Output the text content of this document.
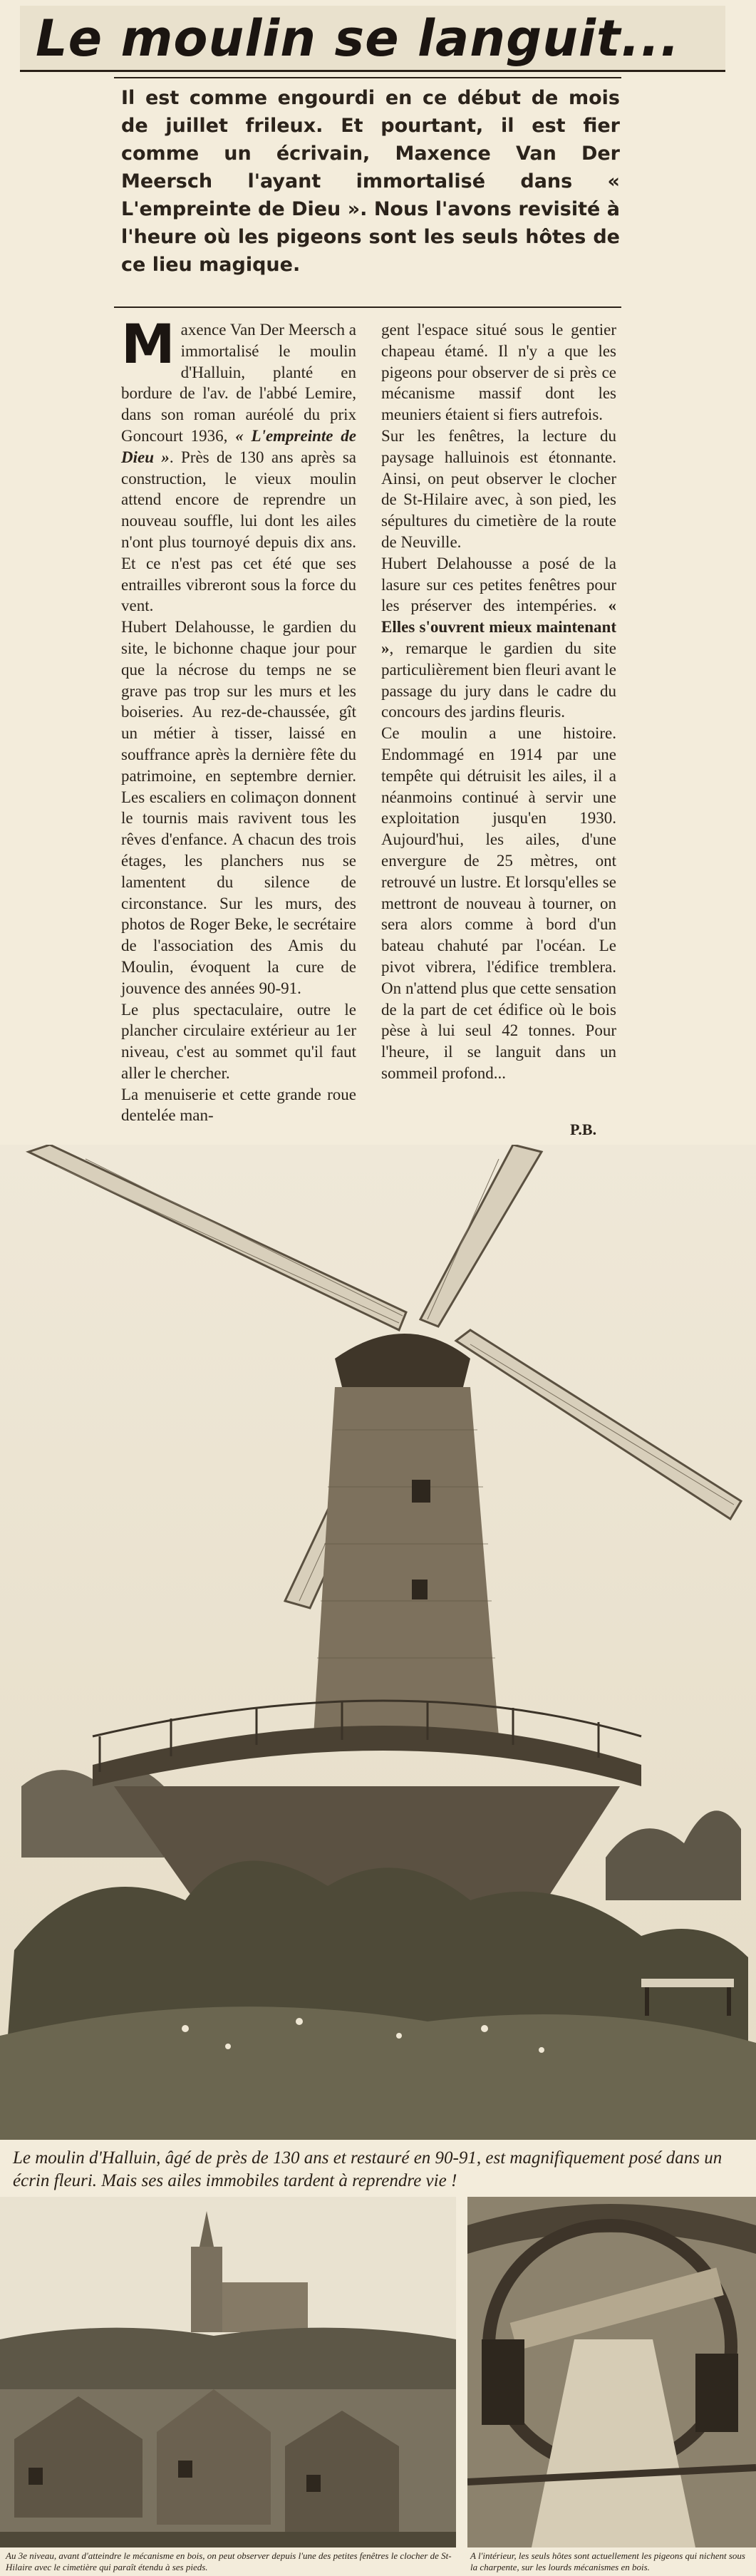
Le moulin se languit...
Il est comme engourdi en ce début de mois de juillet frileux. Et pourtant, il est fier comme un écrivain, Maxence Van Der Meersch l'ayant immortalisé dans « L'empreinte de Dieu ». Nous l'avons revisité à l'heure où les pigeons sont les seuls hôtes de ce lieu magique.

Maxence Van Der Meersch a immortalisé le moulin d'Halluin, planté en bordure de l'av. de l'abbé Lemire, dans son roman auréolé du prix Goncourt 1936, « L'empreinte de Dieu ». Près de 130 ans après sa construction, le vieux moulin attend encore de reprendre un nouveau souffle, lui dont les ailes n'ont plus tournoyé depuis dix ans. Et ce n'est pas cet été que ses entrailles vibreront sous la force du vent.

Hubert Delahousse, le gardien du site, le bichonne chaque jour pour que la nécrose du temps ne se grave pas trop sur les murs et les boiseries. Au rez-de-chaussée, gît un métier à tisser, laissé en souffrance après la dernière fête du patrimoine, en septembre dernier. Les escaliers en colimaçon donnent le tournis mais ravivent tous les rêves d'enfance. A chacun des trois étages, les planchers nus se lamentent du silence de circonstance. Sur les murs, des photos de Roger Beke, le secrétaire de l'association des Amis du Moulin, évoquent la cure de jouvence des années 90-91.

Le plus spectaculaire, outre le plancher circulaire extérieur au 1er niveau, c'est au sommet qu'il faut aller le chercher.

La menuiserie et cette grande roue dentelée man-

gent l'espace situé sous le gentier chapeau étamé. Il n'y a que les pigeons pour observer de si près ce mécanisme massif dont les meuniers étaient si fiers autrefois.

Sur les fenêtres, la lecture du paysage halluinois est étonnante. Ainsi, on peut observer le clocher de St-Hilaire avec, à son pied, les sépultures du cimetière de la route de Neuville.

Hubert Delahousse a posé de la lasure sur ces petites fenêtres pour les préserver des intempéries. « Elles s'ouvrent mieux maintenant », remarque le gardien du site particulièrement bien fleuri avant le passage du jury dans le cadre du concours des jardins fleuris.

Ce moulin a une histoire. Endommagé en 1914 par une tempête qui détruisit les ailes, il a néanmoins continué à servir une exploitation jusqu'en 1930. Aujourd'hui, les ailes, d'une envergure de 25 mètres, ont retrouvé un lustre. Et lorsqu'elles se mettront de nouveau à tourner, on sera alors comme à bord d'un bateau chahuté par l'océan. Le pivot vibrera, l'édifice tremblera. On n'attend plus que cette sensation de la part de cet édifice où le bois pèse à lui seul 42 tonnes. Pour l'heure, il se languit dans un sommeil profond...

P.B.
Le moulin d'Halluin, âgé de près de 130 ans et restauré en 90-91, est magnifiquement posé dans un écrin fleuri. Mais ses ailes immobiles tardent à reprendre vie !
Au 3e niveau, avant d'atteindre le mécanisme en bois, on peut observer depuis l'une des petites fenêtres le clocher de St-Hilaire avec le cimetière qui paraît étendu à ses pieds.
A l'intérieur, les seuls hôtes sont actuellement les pigeons qui nichent sous la charpente, sur les lourds mécanismes en bois.
